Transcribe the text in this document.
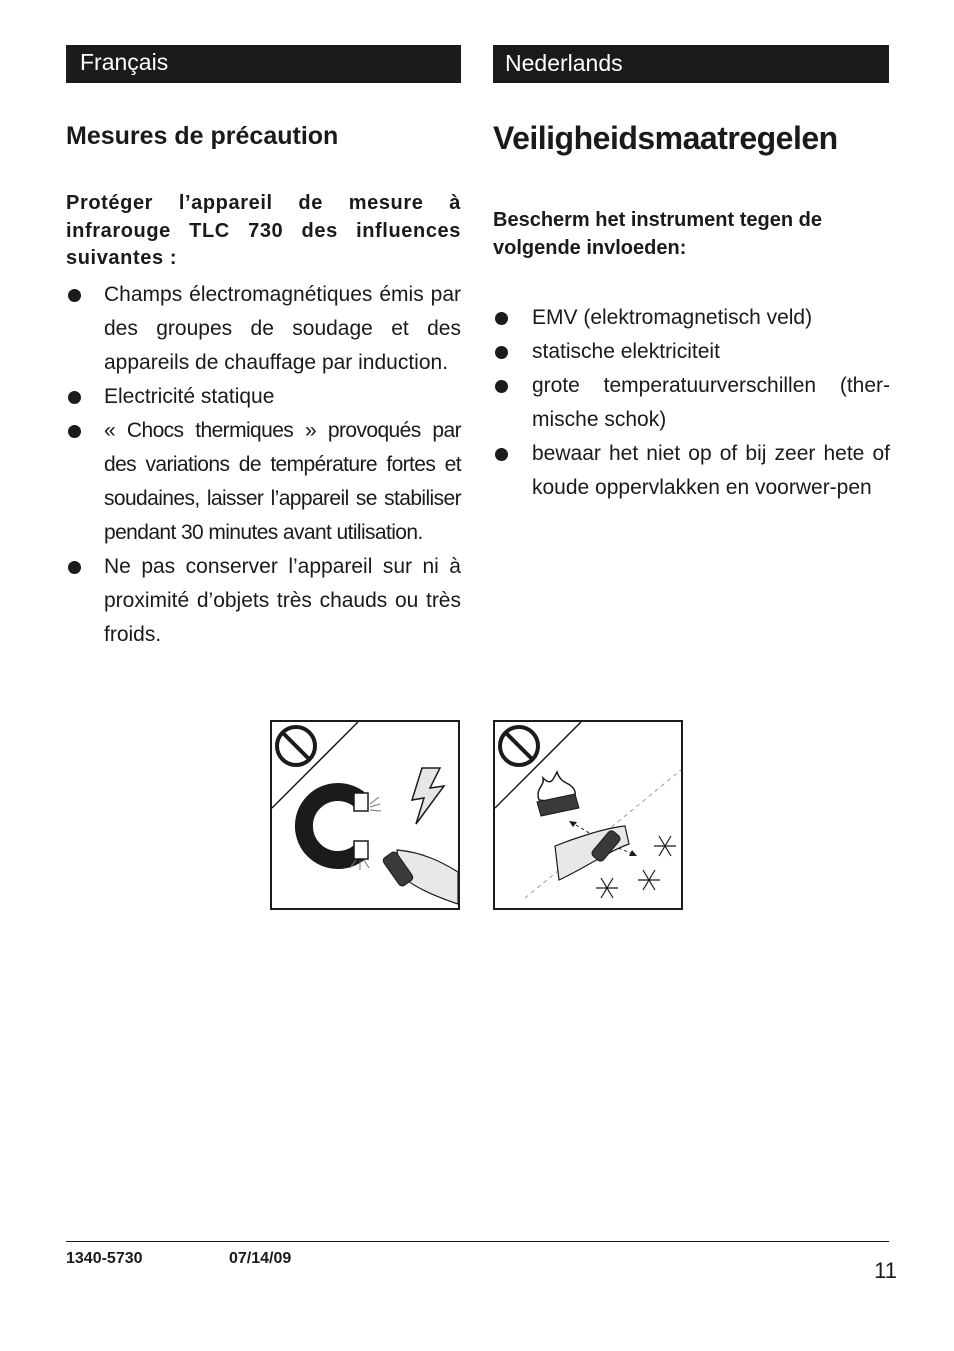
Français	Nederlands
Mesures de précaution	Veiligheidsmaatregelen

Protéger l’appareil de mesure à infrarouge TLC 730 des influences suivantes :

Bescherm het instrument tegen de volgende invloeden:

Champs électromagnétiques émis par des groupes de soudage et des appareils de chauffage par induction.
Electricité statique
« Chocs thermiques » provoqués par des variations de température fortes et soudaines, laisser l’appareil se stabiliser pendant 30 minutes avant utilisation.
Ne pas conserver l’appareil sur ni à proximité d’objets très chauds ou très froids.
EMV (elektromagnetisch veld)
statische elektriciteit
grote temperatuurverschillen (ther-mische schok)
bewaar het niet op of bij zeer hete of koude oppervlakken en voorwer-pen
1340-5730	07/14/09	11
